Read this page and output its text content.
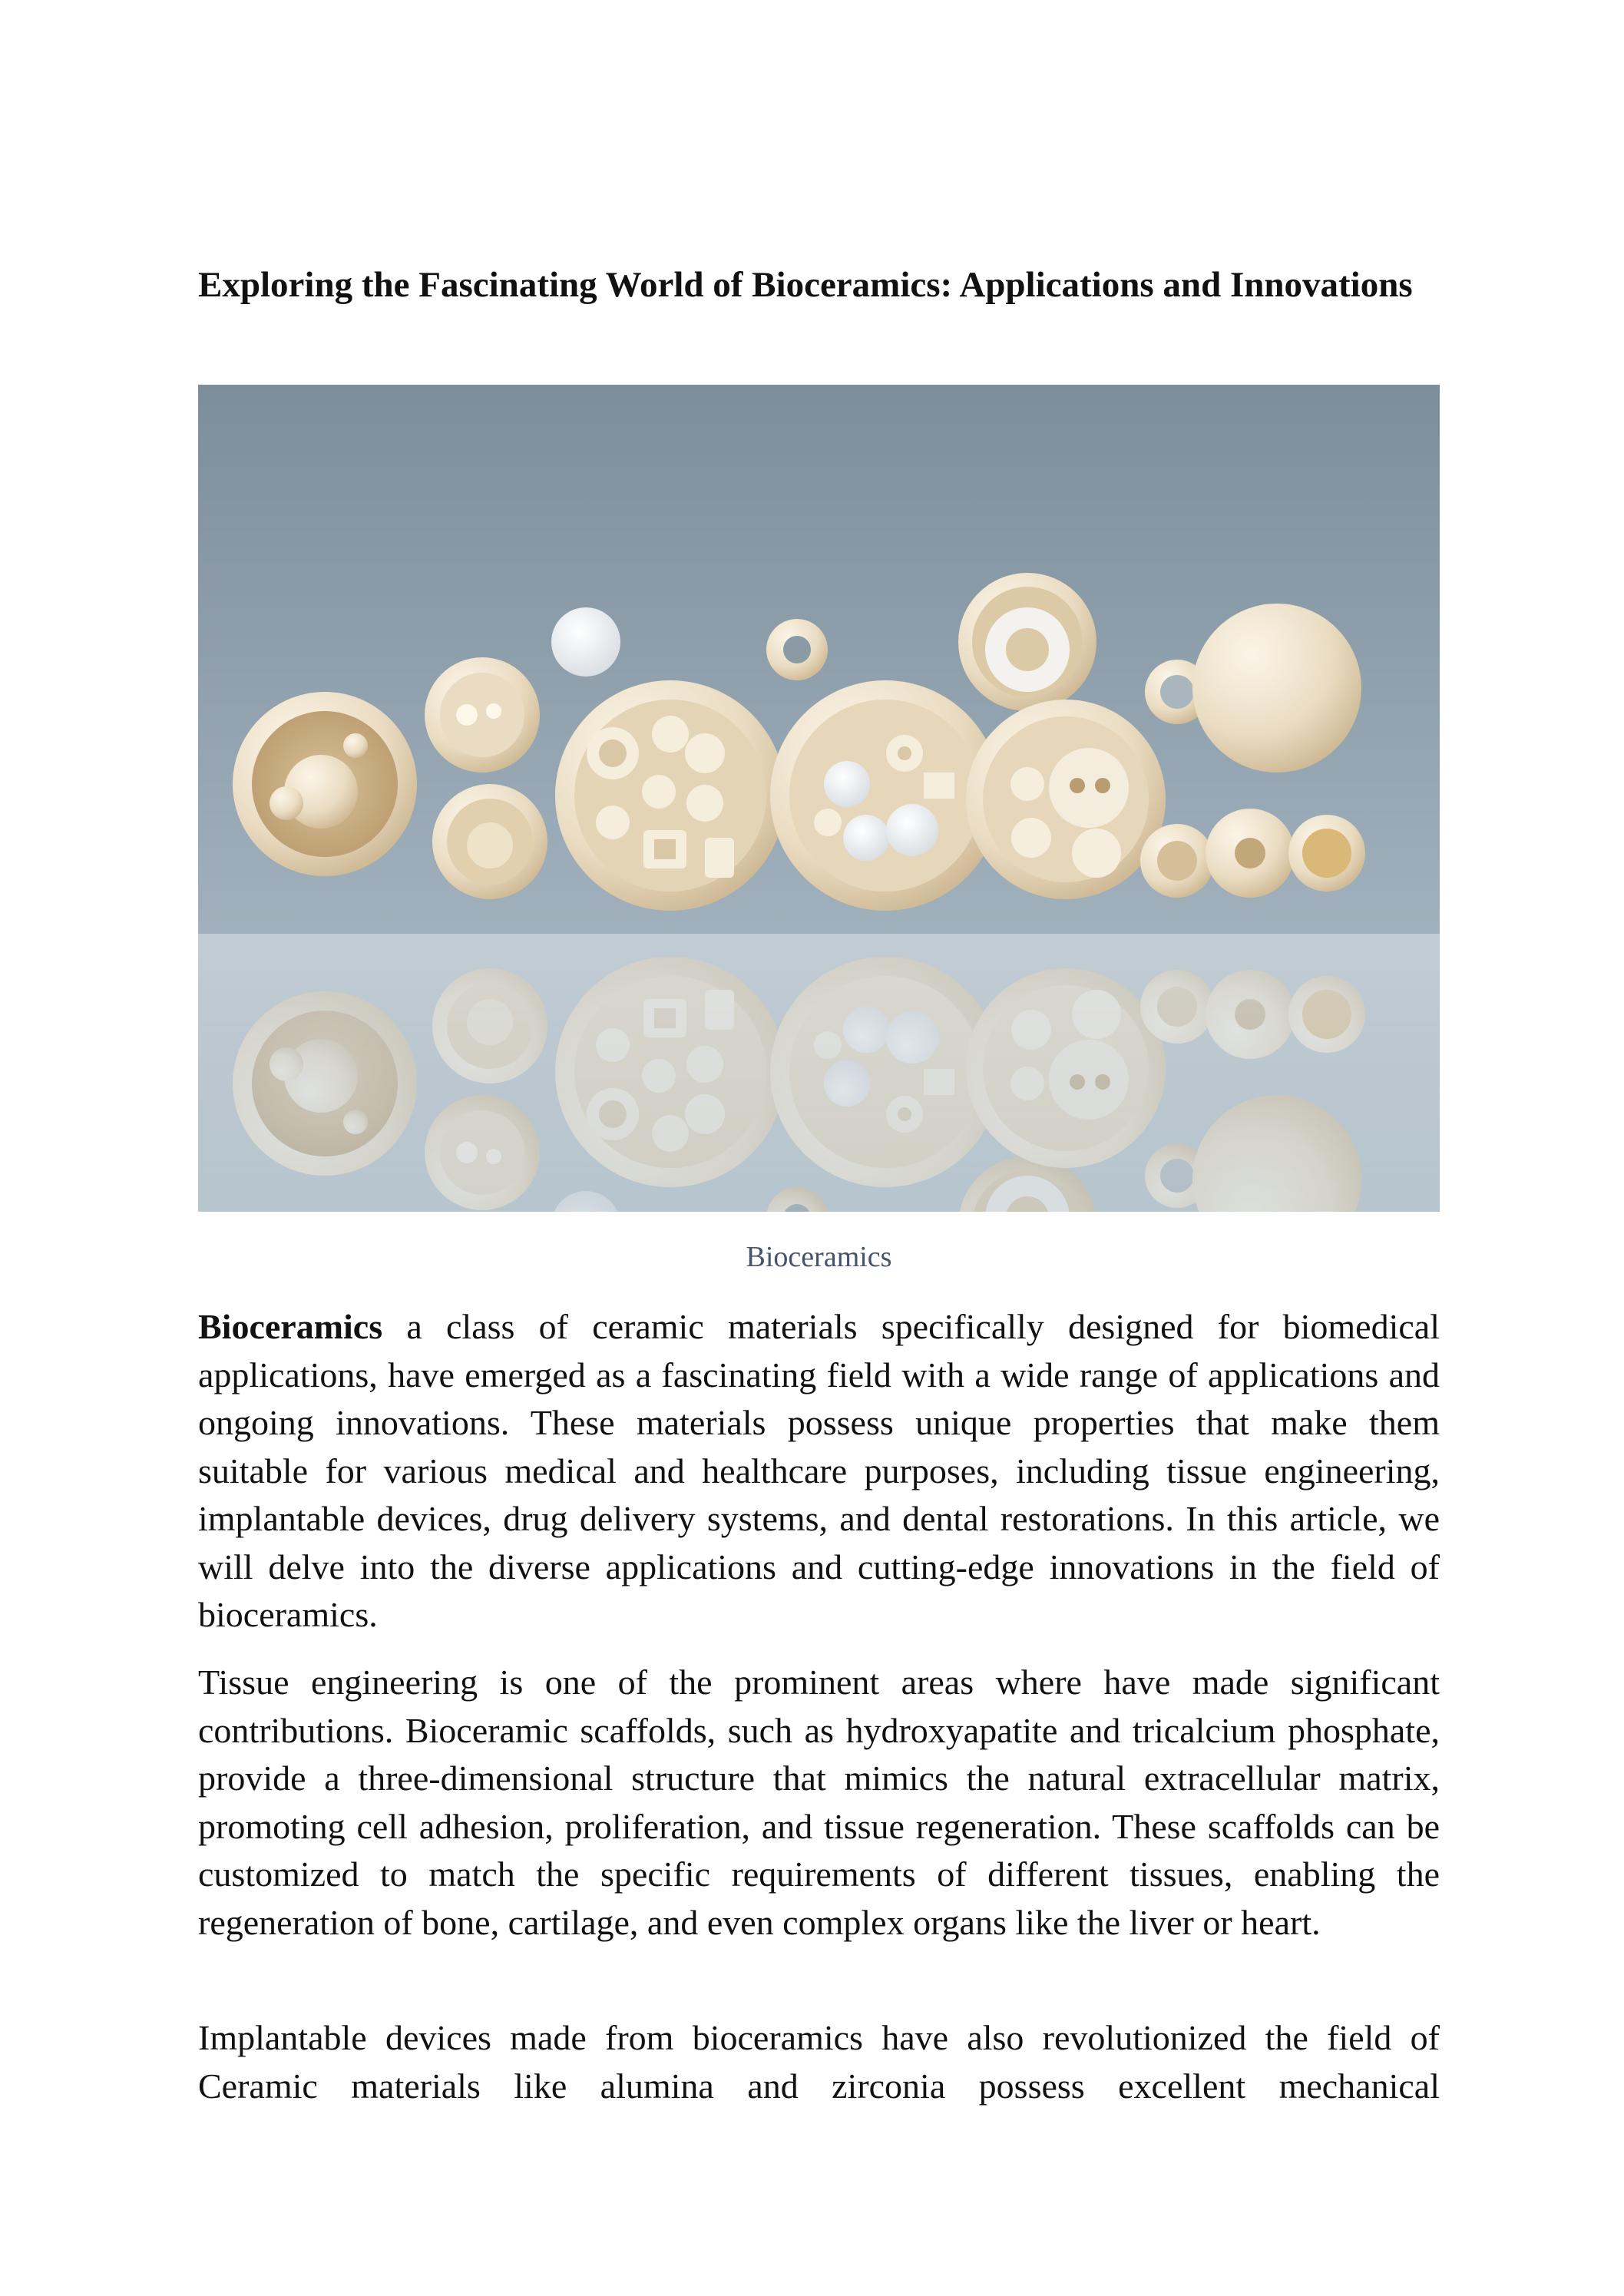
Exploring the Fascinating World of Bioceramics: Applications and Innovations
Bioceramics

Bioceramics a class of ceramic materials specifically designed for biomedical applications, have emerged as a fascinating field with a wide range of applications and ongoing innovations. These materials possess unique properties that make them suitable for various medical and healthcare purposes, including tissue engineering, implantable devices, drug delivery systems, and dental restorations. In this article, we will delve into the diverse applications and cutting-edge innovations in the field of bioceramics.

Tissue engineering is one of the prominent areas where have made significant contributions. Bioceramic scaffolds, such as hydroxyapatite and tricalcium phosphate, provide a three-dimensional structure that mimics the natural extracellular matrix, promoting cell adhesion, proliferation, and tissue regeneration. These scaffolds can be customized to match the specific requirements of different tissues, enabling the regeneration of bone, cartilage, and even complex organs like the liver or heart.

Implantable devices made from bioceramics have also revolutionized the field of Ceramic materials like alumina and zirconia possess excellent mechanical
